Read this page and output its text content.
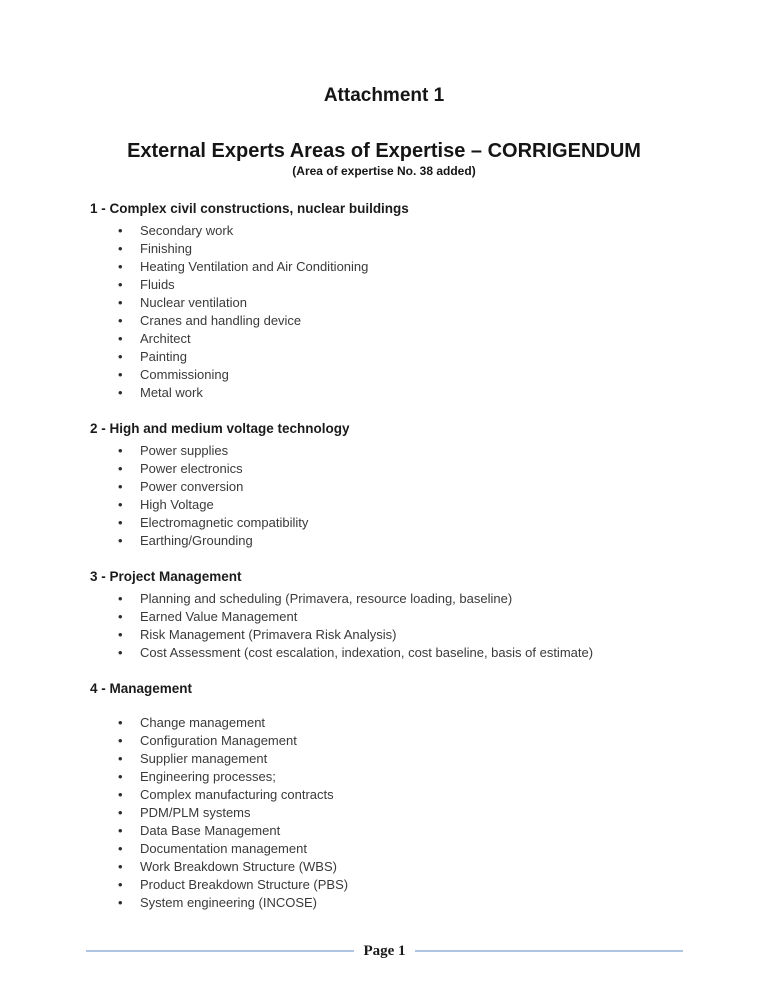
Attachment 1
External Experts Areas of Expertise – CORRIGENDUM
(Area of expertise No. 38 added)
1 - Complex civil constructions, nuclear buildings
• Secondary work
• Finishing
• Heating Ventilation and Air Conditioning
• Fluids
• Nuclear ventilation
• Cranes and handling device
• Architect
• Painting
• Commissioning
• Metal work
2 - High and medium voltage technology
• Power supplies
• Power electronics
• Power conversion
• High Voltage
• Electromagnetic compatibility
• Earthing/Grounding
3 - Project Management
• Planning and scheduling (Primavera, resource loading, baseline)
• Earned Value Management
• Risk Management (Primavera Risk Analysis)
• Cost Assessment (cost escalation, indexation, cost baseline, basis of estimate)
4 - Management
• Change management
• Configuration Management
• Supplier management
• Engineering processes;
• Complex manufacturing contracts
• PDM/PLM systems
• Data Base Management
• Documentation management
• Work Breakdown Structure (WBS)
• Product Breakdown Structure (PBS)
• System engineering (INCOSE)
Page 1
